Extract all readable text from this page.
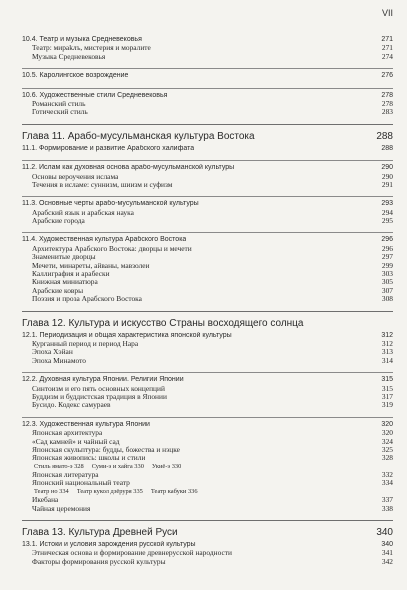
VII
10.4. Театр и музыка Средневековья	271
Театр: мирakлъ, мистерия и моралите	271
Музыка Средневековья	274
10.5. Каролингское возрождение	276
10.6. Художественные стили Средневековья	278
Романский стиль	278
Готический стиль	283
Глава 11. Арабо-мусульманская культура Востока	288
11.1. Формирование и развитие Арабского халифата	288
11.2. Ислам как духовная основа арабо-мусульманской культуры	290
Основы вероучения ислама	290
Течения в исламе: суннизм, шиизм и суфизм	291
11.3. Основные черты арабо-мусульманской культуры	293
Арабский язык и арабская наука	294
Арабские города	295
11.4. Художественная культура Арабского Востока	296
Архитектура Арабского Востока: дворцы и мечети	296
Знаменитые дворцы	297
Мечети, минареты, айваны, мавзолеи	299
Каллиграфия и арабески	303
Книжная миниатюра	305
Арабские ковры	307
Поэзия и проза Арабского Востока	308
Глава 12. Культура и искусство Страны восходящего солнца
12.1. Периодизация и общая характеристика японской культуры	312
Курганный период и период Нара	312
Эпоха Хэйан	313
Эпоха Минамото	314
12.2. Духовная культура Японии. Религии Японии	315
Синтоизм и его пять основных концепций	315
Буддизм и буддистская традиция в Японии	317
Бусидо. Кодекс самураев	319
12.3. Художественная культура Японии	320
Японская архитектура	320
«Сад камней» и чайный сад	324
Японская скульптура: будды, божества и нэцке	325
Японская живопись: школы и стили	328
Стиль ямато-э 328 Суми-э и хайга 330 Укиё-э 330
Японская литература	332
Японский национальный театр	334
Театр но 334 Театр кукол дзёруря 335 Театр кабуки 336
Икебана	337
Чайная церемония	338
Глава 13. Культура Древней Руси	340
13.1. Истоки и условия зарождения русской культуры	340
Этническая основа и формирование древнерусской народности	341
Факторы формирования русской культуры	342
